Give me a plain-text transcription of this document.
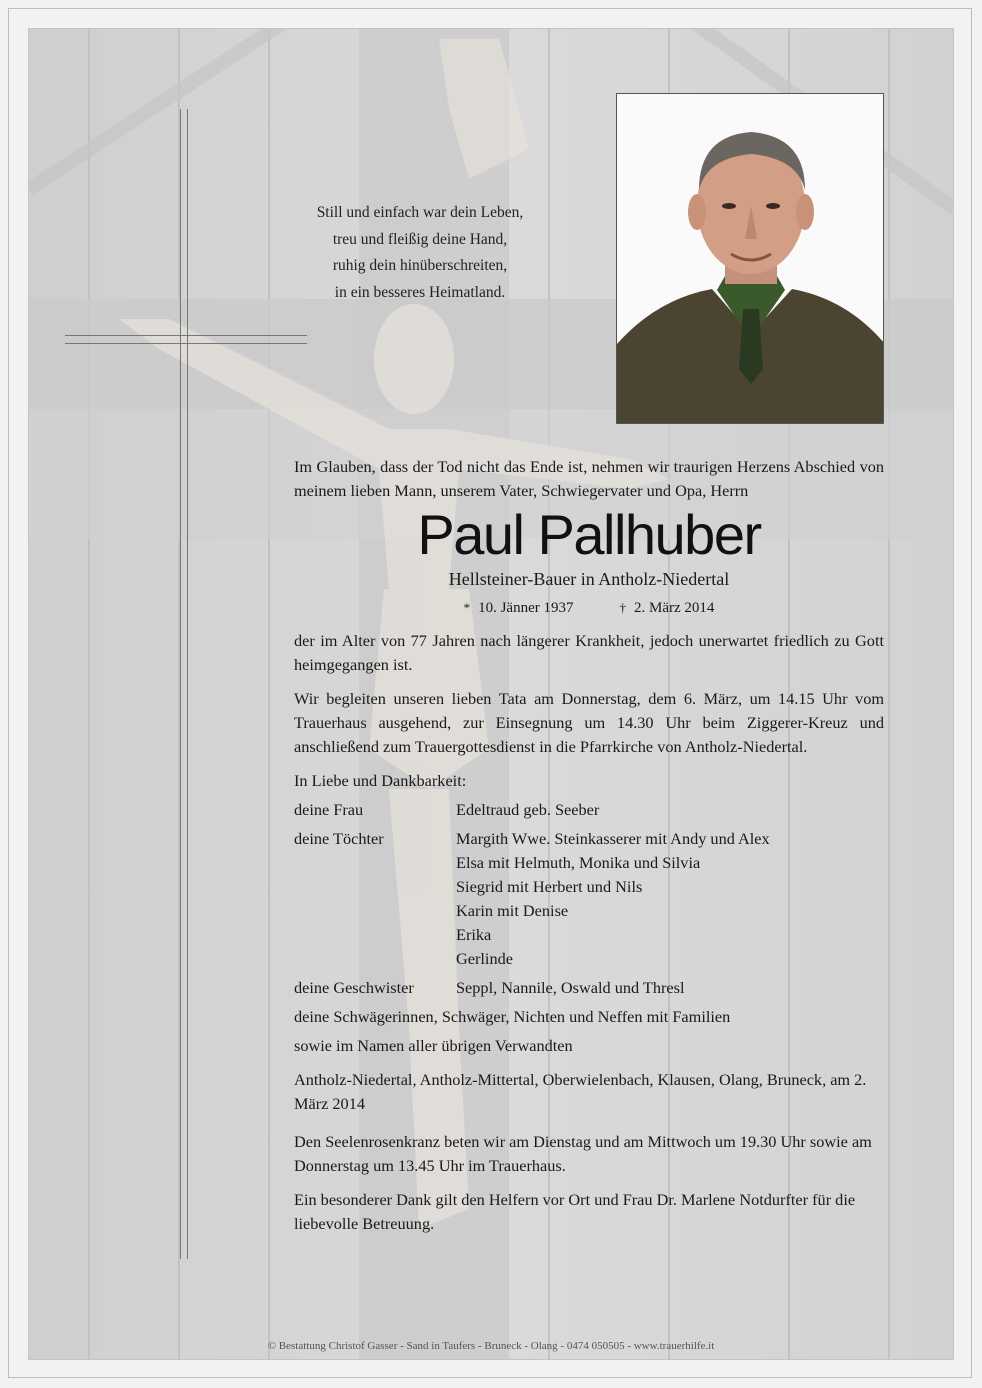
Still und einfach war dein Leben,
treu und fleißig deine Hand,
ruhig dein hinüberschreiten,
in ein besseres Heimatland.

Im Glauben, dass der Tod nicht das Ende ist, nehmen wir traurigen Herzens Abschied von meinem lieben Mann, unserem Vater, Schwiegervater und Opa, Herrn

Paul Pallhuber
Hellsteiner-Bauer in Antholz-Niedertal
* 10. Jänner 1937	† 2. März 2014

der im Alter von 77 Jahren nach längerer Krankheit, jedoch unerwartet friedlich zu Gott heimgegangen ist.

Wir begleiten unseren lieben Tata am Donnerstag, dem 6. März, um 14.15 Uhr vom Trauerhaus ausgehend, zur Einsegnung um 14.30 Uhr beim Ziggerer-Kreuz und anschließend zum Trauergottesdienst in die Pfarrkirche von Antholz-Niedertal.

In Liebe und Dankbarkeit:
deine Frau	Edeltraud geb. Seeber
deine Töchter	Margith Wwe. Steinkasserer mit Andy und Alex
Elsa mit Helmuth, Monika und Silvia
Siegrid mit Herbert und Nils
Karin mit Denise
Erika
Gerlinde
deine Geschwister	Seppl, Nannile, Oswald und Thresl
deine Schwägerinnen, Schwäger, Nichten und Neffen mit Familien
sowie im Namen aller übrigen Verwandten

Antholz-Niedertal, Antholz-Mittertal, Oberwielenbach, Klausen, Olang, Bruneck, am 2. März 2014

Den Seelenrosenkranz beten wir am Dienstag und am Mittwoch um 19.30 Uhr sowie am Donnerstag um 13.45 Uhr im Trauerhaus.

Ein besonderer Dank gilt den Helfern vor Ort und Frau Dr. Marlene Notdurfter für die liebevolle Betreuung.

© Bestattung Christof Gasser - Sand in Taufers - Bruneck - Olang - 0474 050505 - www.trauerhilfe.it
